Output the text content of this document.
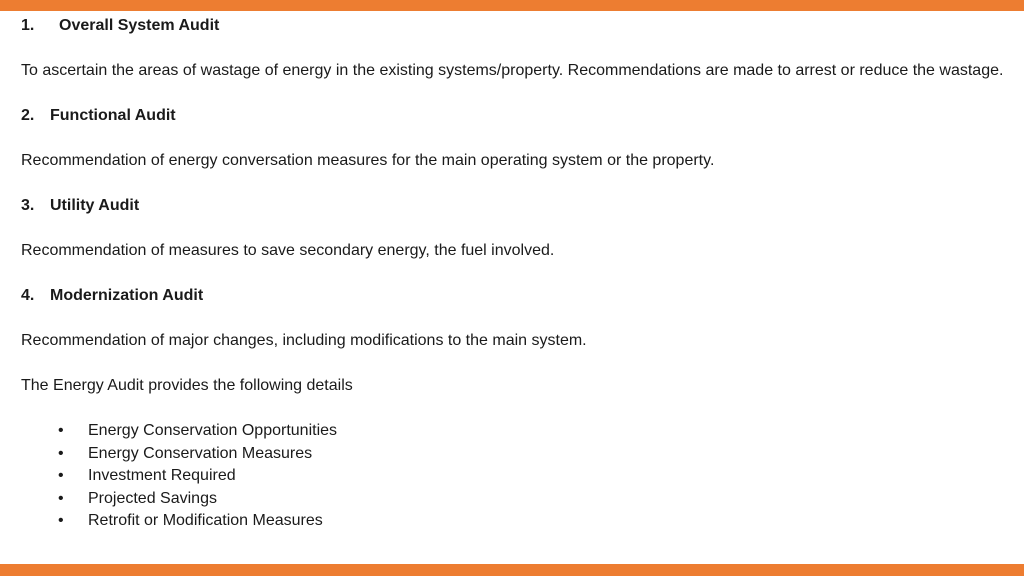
1. Overall System Audit

To ascertain the areas of wastage of energy in the existing systems/property. Recommendations are made to arrest or reduce the wastage.

2. Functional Audit

Recommendation of energy conversation measures for the main operating system or the property.

3. Utility Audit

Recommendation of measures to save secondary energy, the fuel involved.

4. Modernization Audit

Recommendation of major changes, including modifications to the main system.

The Energy Audit provides the following details

• Energy Conservation Opportunities
• Energy Conservation Measures
• Investment Required
• Projected Savings
• Retrofit or Modification Measures
